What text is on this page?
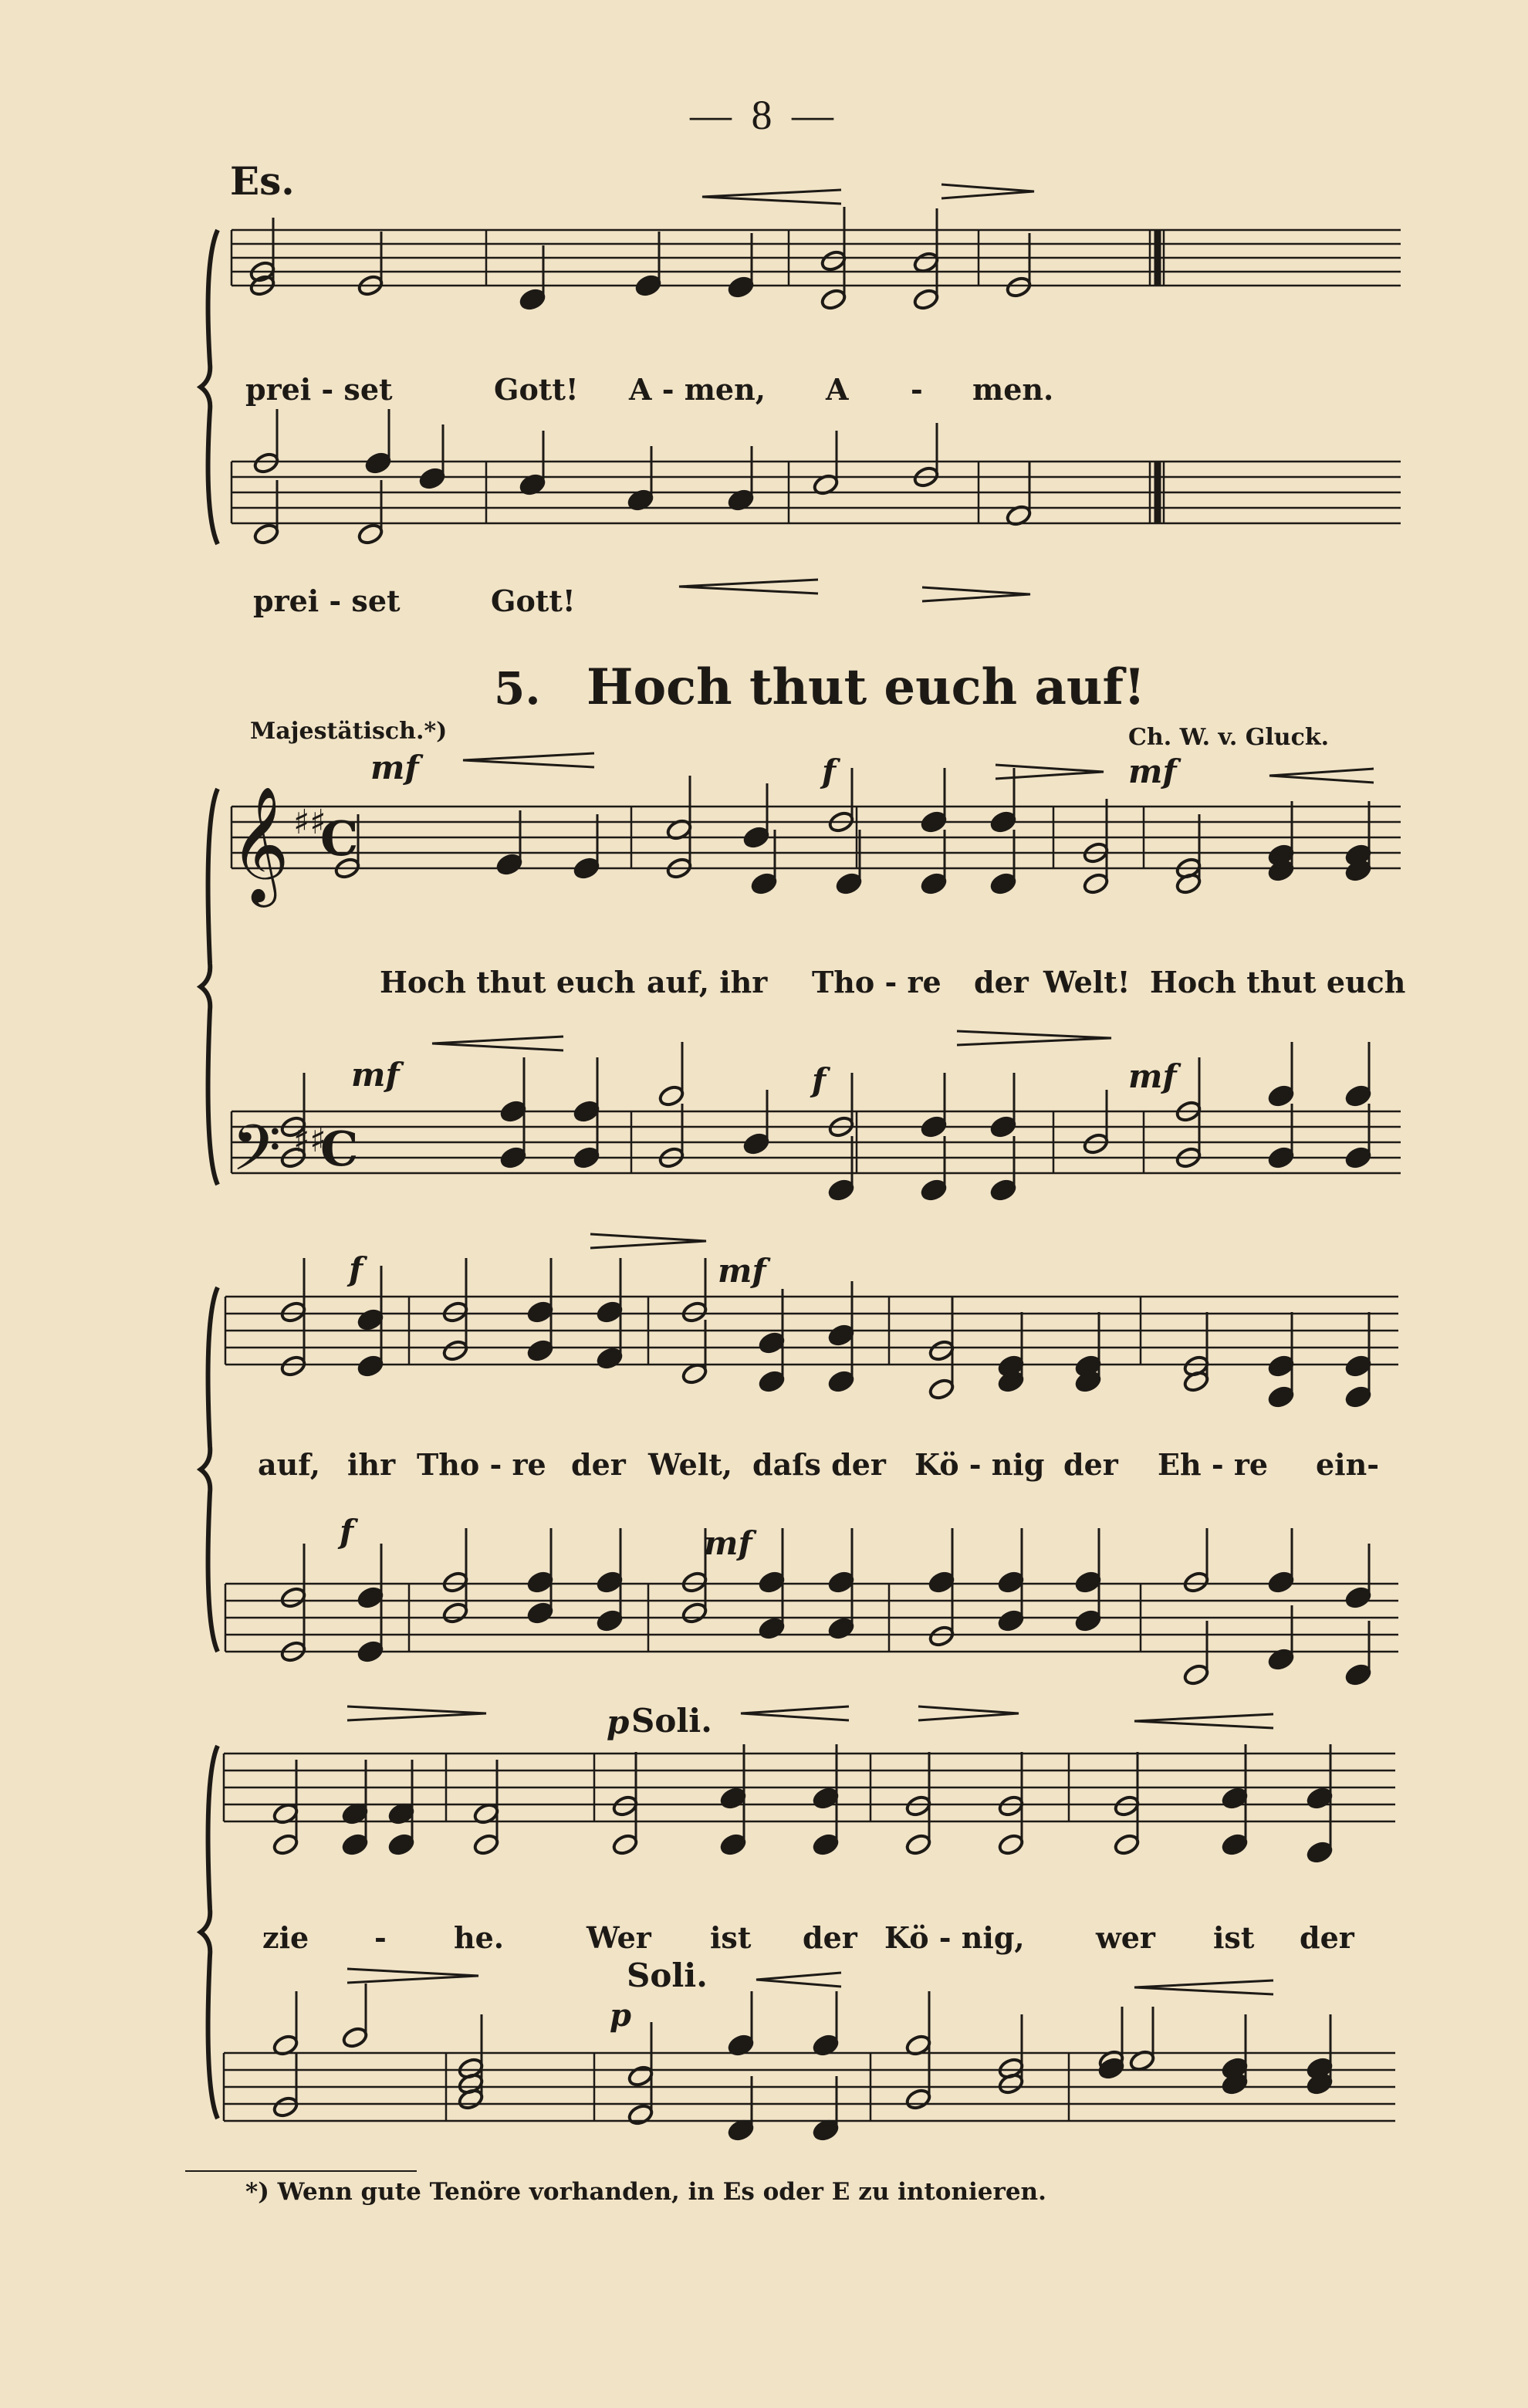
— 8 —
Es.
𝄞
𝄢
C
C
♯♯
♯♯
prei - set	Gott! A - men, A - men.
prei - set	Gott!
5. Hoch thut euch auf!
Majestätisch.*)	Ch. W. v. Gluck.
mf	f	mf
Hoch thut euch auf, ihr Tho - re der Welt! Hoch thut euch
mf	f	mf
f	mf
auf, ihr Tho - re der Welt, daſs der Kö - nig der Eh - re ein-
f	mf
p Soli.
zie - he.	Wer ist der Kö - nig, wer ist der
Soli.
p
*) Wenn gute Tenöre vorhanden, in Es oder E zu intonieren.
